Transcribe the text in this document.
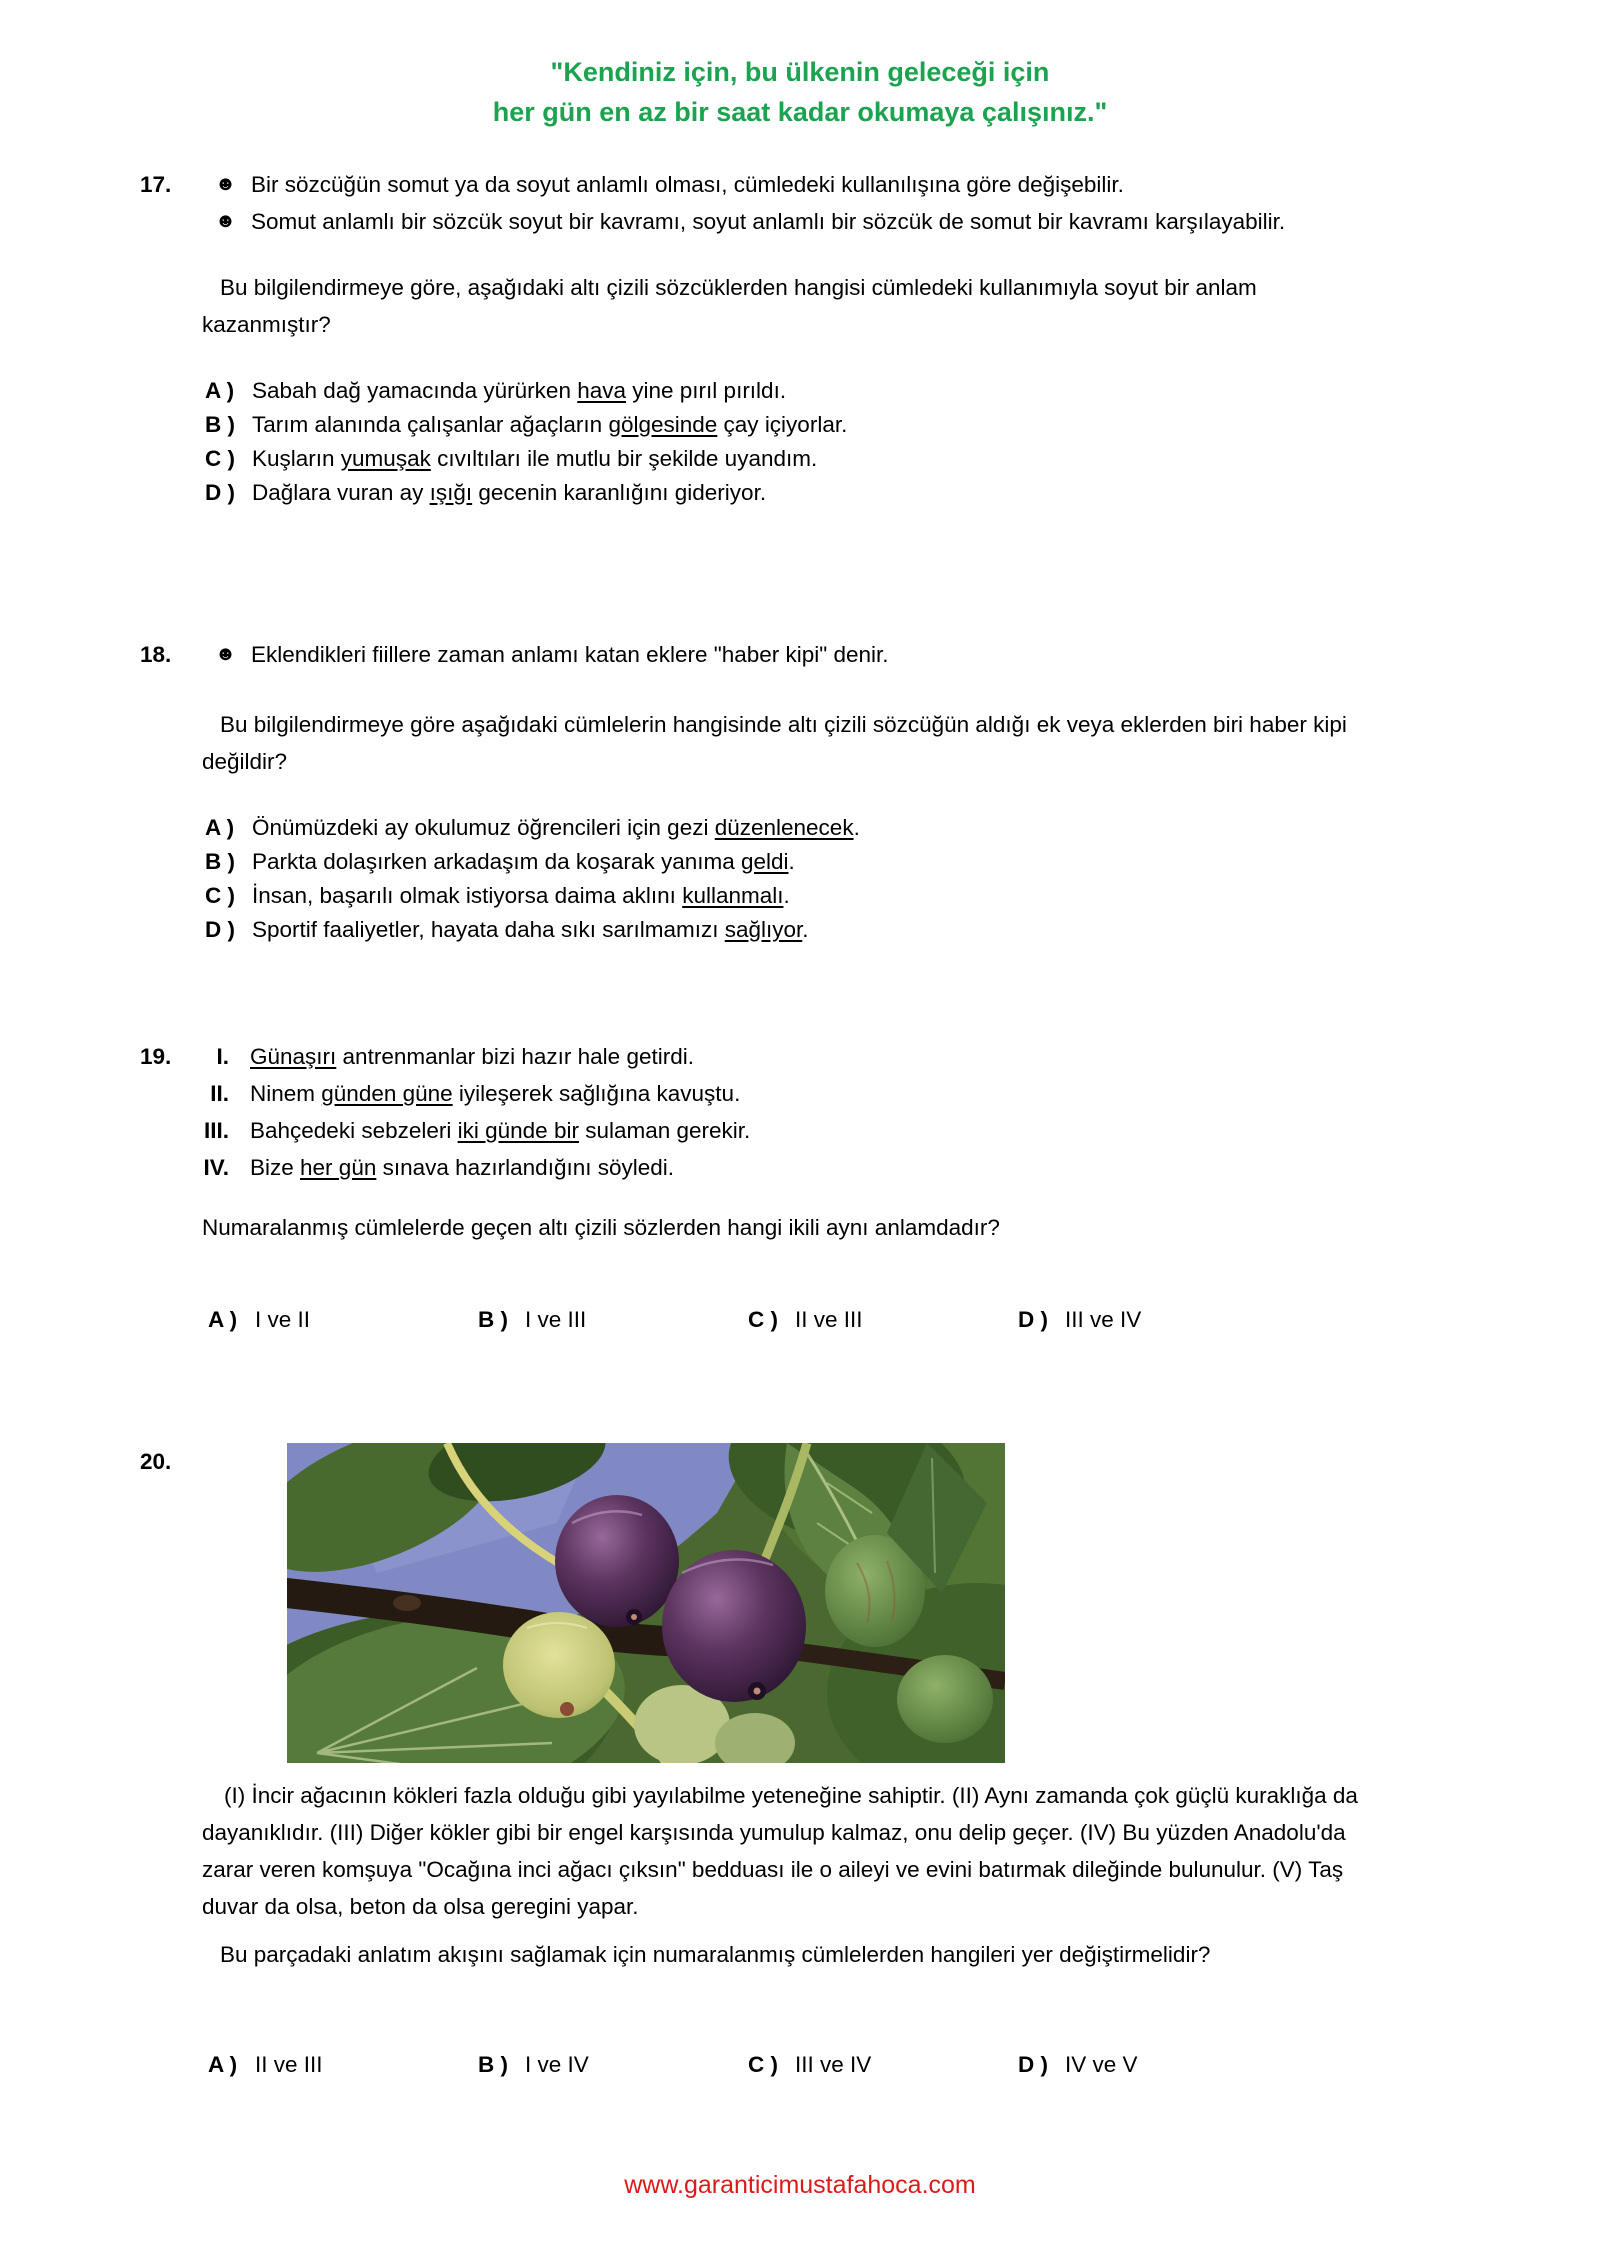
"Kendiniz için, bu ülkenin geleceği için
her gün en az bir saat kadar okumaya çalışınız."
17. ☻ Bir sözcüğün somut ya da soyut anlamlı olması, cümledeki kullanılışına göre değişebilir.
☻ Somut anlamlı bir sözcük soyut bir kavramı, soyut anlamlı bir sözcük de somut bir kavramı karşılayabilir.

Bu bilgilendirmeye göre, aşağıdaki altı çizili sözcüklerden hangisi cümledeki kullanımıyla soyut bir anlam kazanmıştır?

A ) Sabah dağ yamacında yürürken hava yine pırıl pırıldı.
B ) Tarım alanında çalışanlar ağaçların gölgesinde çay içiyorlar.
C ) Kuşların yumuşak cıvıltıları ile mutlu bir şekilde uyandım.
D ) Dağlara vuran ay ışığı gecenin karanlığını gideriyor.
18. ☻ Eklendikleri fiillere zaman anlamı katan eklere "haber kipi" denir.

Bu bilgilendirmeye göre aşağıdaki cümlelerin hangisinde altı çizili sözcüğün aldığı ek veya eklerden biri haber kipi değildir?

A ) Önümüzdeki ay okulumuz öğrencileri için gezi düzenlenecek.
B ) Parkta dolaşırken arkadaşım da koşarak yanıma geldi.
C ) İnsan, başarılı olmak istiyorsa daima aklını kullanmalı.
D ) Sportif faaliyetler, hayata daha sıkı sarılmamızı sağlıyor.
19.	I. Günaşırı antrenmanlar bizi hazır hale getirdi.
II. Ninem günden güne iyileşerek sağlığına kavuştu.
III. Bahçedeki sebzeleri iki günde bir sulaman gerekir.
IV. Bize her gün sınava hazırlandığını söyledi.

Numaralanmış cümlelerde geçen altı çizili sözlerden hangi ikili aynı anlamdadır?

A ) I ve II	B ) I ve III	C ) II ve III	D ) III ve IV
20.

(I) İncir ağacının kökleri fazla olduğu gibi yayılabilme yeteneğine sahiptir. (II) Aynı zamanda çok güçlü kuraklığa da dayanıklıdır. (III) Diğer kökler gibi bir engel karşısında yumulup kalmaz, onu delip geçer. (IV) Bu yüzden Anadolu'da zarar veren komşuya "Ocağına inci ağacı çıksın" bedduası ile o aileyi ve evini batırmak dileğinde bulunulur. (V) Taş duvar da olsa, beton da olsa geregini yapar.

Bu parçadaki anlatım akışını sağlamak için numaralanmış cümlelerden hangileri yer değiştirmelidir?

A ) II ve III	B ) I ve IV	C ) III ve IV	D ) IV ve V
www.garanticimustafahoca.com
